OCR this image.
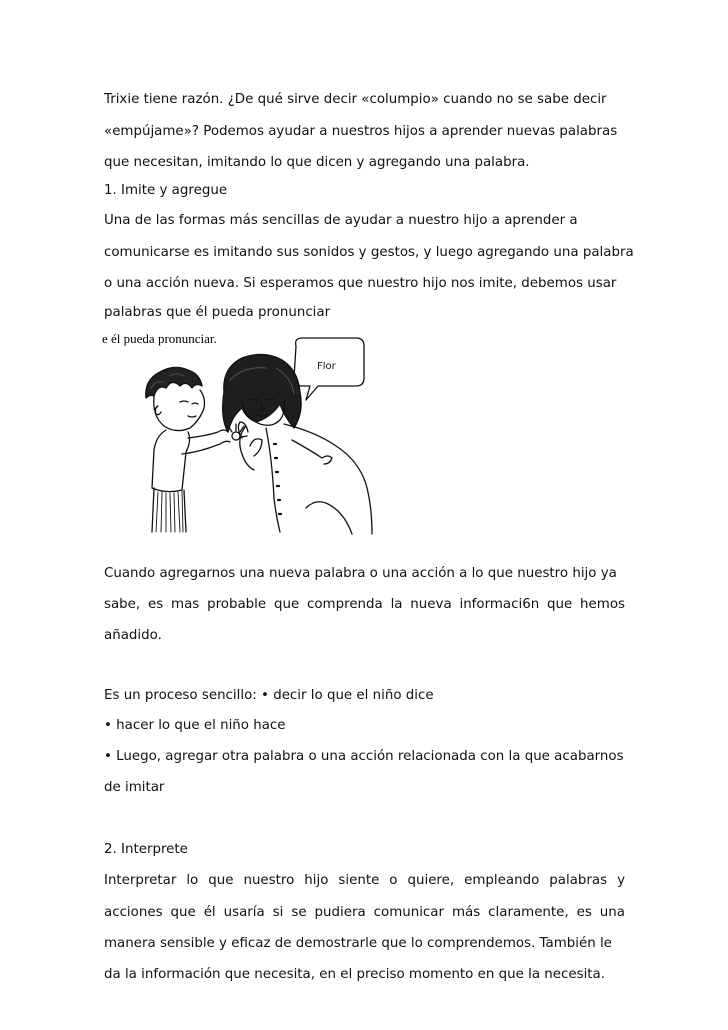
Trixie tiene razón. ¿De qué sirve decir «columpio» cuando no se sabe decir
«empújame»? Podemos ayudar a nuestros hijos a aprender nuevas palabras
que necesitan, imitando lo que dicen y agregando una palabra.
1. Imite y agregue
Una de las formas más sencillas de ayudar a nuestro hijo a aprender a
comunicarse es imitando sus sonidos y gestos, y luego agregando una palabra
o una acción nueva. Si esperamos que nuestro hijo nos imite, debemos usar
palabras que él pueda pronunciar
e él pueda pronunciar.
Flor
Cuando agregarnos una nueva palabra o una acción a lo que nuestro hijo ya
sabe, es mas probable que comprenda la nueva informaci6n que hemos
añadido.
Es un proceso sencillo: • decir lo que el niño dice
• hacer lo que el niño hace
• Luego, agregar otra palabra o una acción relacionada con la que acabarnos
de imitar
2. Interprete
Interpretar lo que nuestro hijo siente o quiere, empleando palabras y
acciones que él usaría si se pudiera comunicar más claramente, es una
manera sensible y eficaz de demostrarle que lo comprendemos. También le
da la información que necesita, en el preciso momento en que la necesita.
